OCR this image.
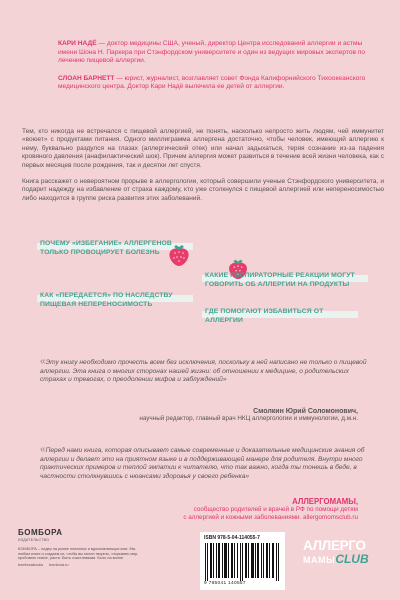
КАРИ НАДЁ — доктор медицины США, ученый, директор Центра исследований аллергии и астмы имени Шона Н. Паркера при Стэнфордском университете и один из ведущих мировых экспертов по лечению пищевой аллергии.

СЛОАН БАРНЕТТ — юрист, журналист, возглавляет совет Фонда Калифорнийского Тихоокеанского медицинского центра. Доктор Кари Надё вылечила ее детей от аллергии.

Тем, кто никогда не встречался с пищевой аллергией, не понять, насколько непросто жить людям, чей иммунитет «воюет» с продуктами питания. Одного миллиграмма аллергена достаточно, чтобы человек, имеющий аллергию к нему, буквально раздулся на глазах (аллергический отек) или начал задыхаться, теряя сознание из-за падения кровяного давления (анафилактический шок). Причем аллергия может развиться в течение всей жизни человека, как с первых месяцев после рождения, так и десятки лет спустя.

Книга расскажет о невероятном прорыве в аллергологии, который совершили ученые Стэнфордского университета, и подарит надежду на избавление от страха каждому, кто уже столкнулся с пищевой аллергией или непереносимостью либо находится в группе риска развития этих заболеваний.

ПОЧЕМУ «ИЗБЕГАНИЕ» АЛЛЕРГЕНОВ ТОЛЬКО ПРОВОЦИРУЕТ БОЛЕЗНЬ
КАК «ПЕРЕДАЕТСЯ» ПО НАСЛЕДСТВУ ПИЩЕВАЯ НЕПЕРЕНОСИМОСТЬ
КАКИЕ РЕСПИРАТОРНЫЕ РЕАКЦИИ МОГУТ ГОВОРИТЬ ОБ АЛЛЕРГИИ НА ПРОДУКТЫ
ГДЕ ПОМОГАЮТ ИЗБАВИТЬСЯ ОТ АЛЛЕРГИИ
«Эту книгу необходимо прочесть всем без исключения, поскольку в ней написано не только о пищевой аллергии. Эта книга о многих сторонах нашей жизни: об отношении к медицине, о родительских страхах и тревогах, о преодолении мифов и заблуждений»
Смолкин Юрий Соломонович,
научный редактор, главный врач НКЦ аллергологии и иммунологии, д.м.н.
«Перед нами книга, которая описывает самые современные и доказательные медицинские знания об аллергии и делает это на приятном языке и в поддерживающей манере для родителя. Внутри много практических примеров и теплой эмпатии к читателю, что так важно, когда ты тонешь в беде, в частности столкнувшись с нюансами здоровья у своего ребенка»
АЛЛЕРГОМАМЫ,
сообщество родителей и врачей в РФ по помощи детям
с аллергией и кожными заболеваниями. allergomomsclub.ru
БОМБОРА
ИЗДАТЕЛЬСТВО
БОМБОРА – лидер на рынке полезных и вдохновляющих книг. Мы любим книги и создаем их, чтобы вы могли творить, открывать мир, пробовать новое, расти. Быть счастливыми. Быть на волне.
bomborabooks bombora.ru
ISBN 978-5-04-114055-7
9 785041 140557
АЛЛЕРГО
МАМЫCLUB
